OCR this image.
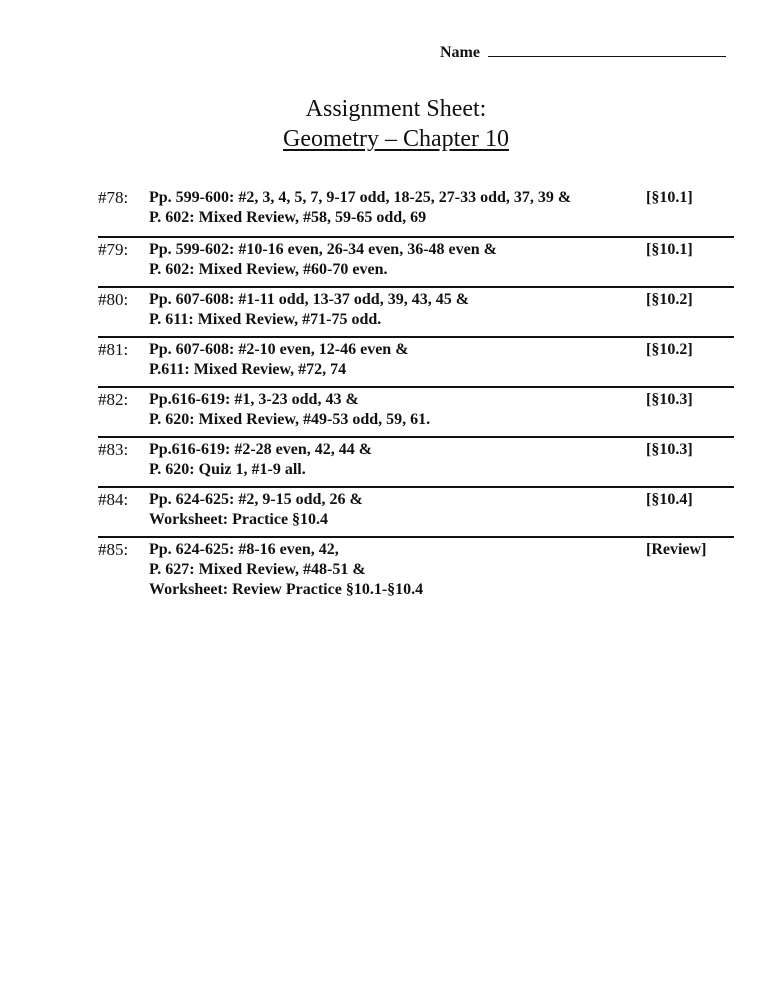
Name
Assignment Sheet:
Geometry – Chapter 10
#78: Pp. 599-600: #2, 3, 4, 5, 7, 9-17 odd, 18-25, 27-33 odd, 37, 39 &
P. 602: Mixed Review, #58, 59-65 odd, 69
[§10.1]
#79: Pp. 599-602: #10-16 even, 26-34 even, 36-48 even &
P. 602: Mixed Review, #60-70 even.
[§10.1]
#80: Pp. 607-608: #1-11 odd, 13-37 odd, 39, 43, 45 &
P. 611: Mixed Review, #71-75 odd.
[§10.2]
#81: Pp. 607-608: #2-10 even, 12-46 even &
P.611: Mixed Review, #72, 74
[§10.2]
#82: Pp.616-619: #1, 3-23 odd, 43 &
P. 620: Mixed Review, #49-53 odd, 59, 61.
[§10.3]
#83: Pp.616-619: #2-28 even, 42, 44 &
P. 620: Quiz 1, #1-9 all.
[§10.3]
#84: Pp. 624-625: #2, 9-15 odd, 26 &
Worksheet: Practice §10.4
[§10.4]
#85: Pp. 624-625: #8-16 even, 42,
P. 627: Mixed Review, #48-51 &
Worksheet: Review Practice §10.1-§10.4
[Review]
